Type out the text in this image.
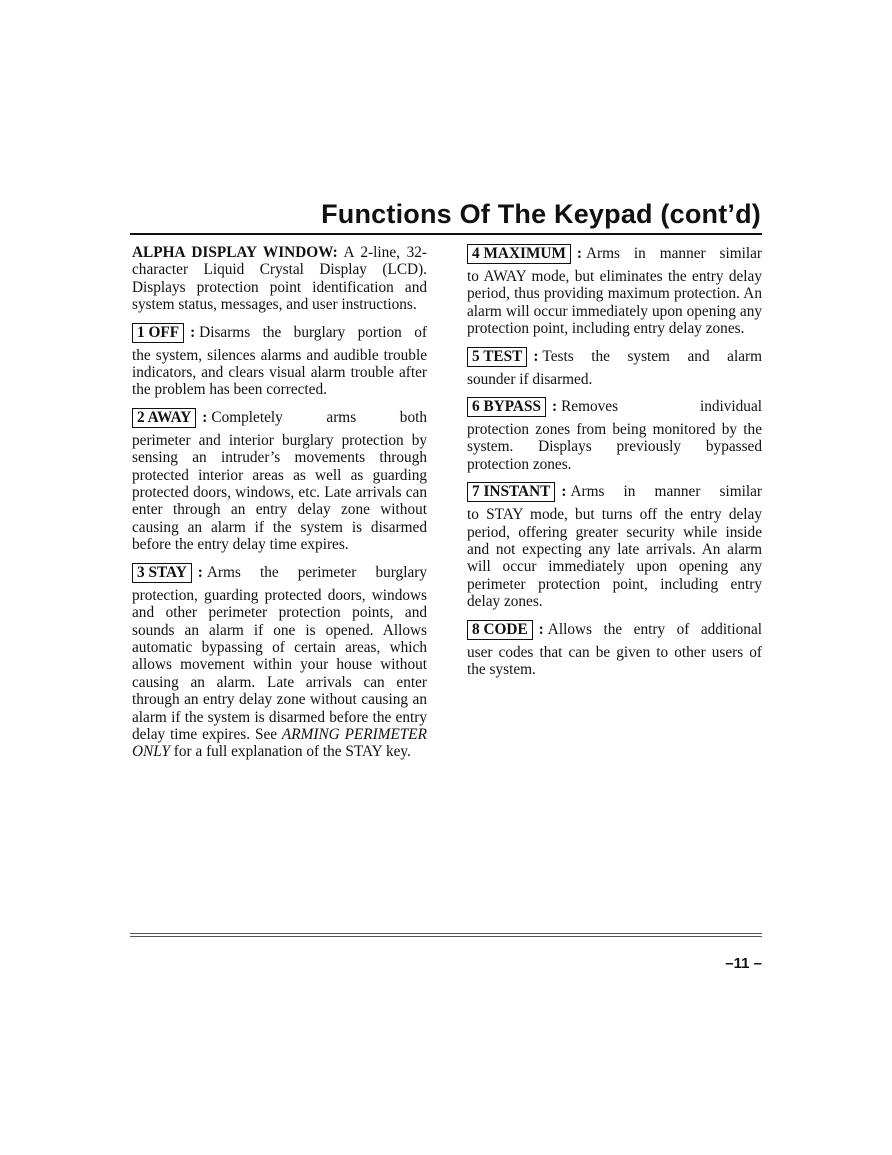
Functions Of The Keypad (cont’d)
ALPHA DISPLAY WINDOW: A 2-line, 32-character Liquid Crystal Display (LCD). Displays protection point identification and system status, messages, and user instructions.
1 OFF : Disarms the burglary portion of
the system, silences alarms and audible trouble indicators, and clears visual alarm trouble after the problem has been corrected.
2 AWAY : Completely arms both
perimeter and interior burglary protection by sensing an intruder’s movements through protected interior areas as well as guarding protected doors, windows, etc. Late arrivals can enter through an entry delay zone without causing an alarm if the system is disarmed before the entry delay time expires.
3 STAY : Arms the perimeter burglary
protection, guarding protected doors, windows and other perimeter protection points, and sounds an alarm if one is opened. Allows automatic bypassing of certain areas, which allows movement within your house without causing an alarm. Late arrivals can enter through an entry delay zone without causing an alarm if the system is disarmed before the entry delay time expires. See ARMING PERIMETER ONLY for a full explanation of the STAY key.
4 MAXIMUM : Arms in manner similar
to AWAY mode, but eliminates the entry delay period, thus providing maximum protection. An alarm will occur immediately upon opening any protection point, including entry delay zones.
5 TEST : Tests the system and alarm
sounder if disarmed.
6 BYPASS : Removes individual
protection zones from being monitored by the system. Displays previously bypassed protection zones.
7 INSTANT : Arms in manner similar
to STAY mode, but turns off the entry delay period, offering greater security while inside and not expecting any late arrivals. An alarm will occur immediately upon opening any perimeter protection point, including entry delay zones.
8 CODE : Allows the entry of additional
user codes that can be given to other users of the system.
–11 –
